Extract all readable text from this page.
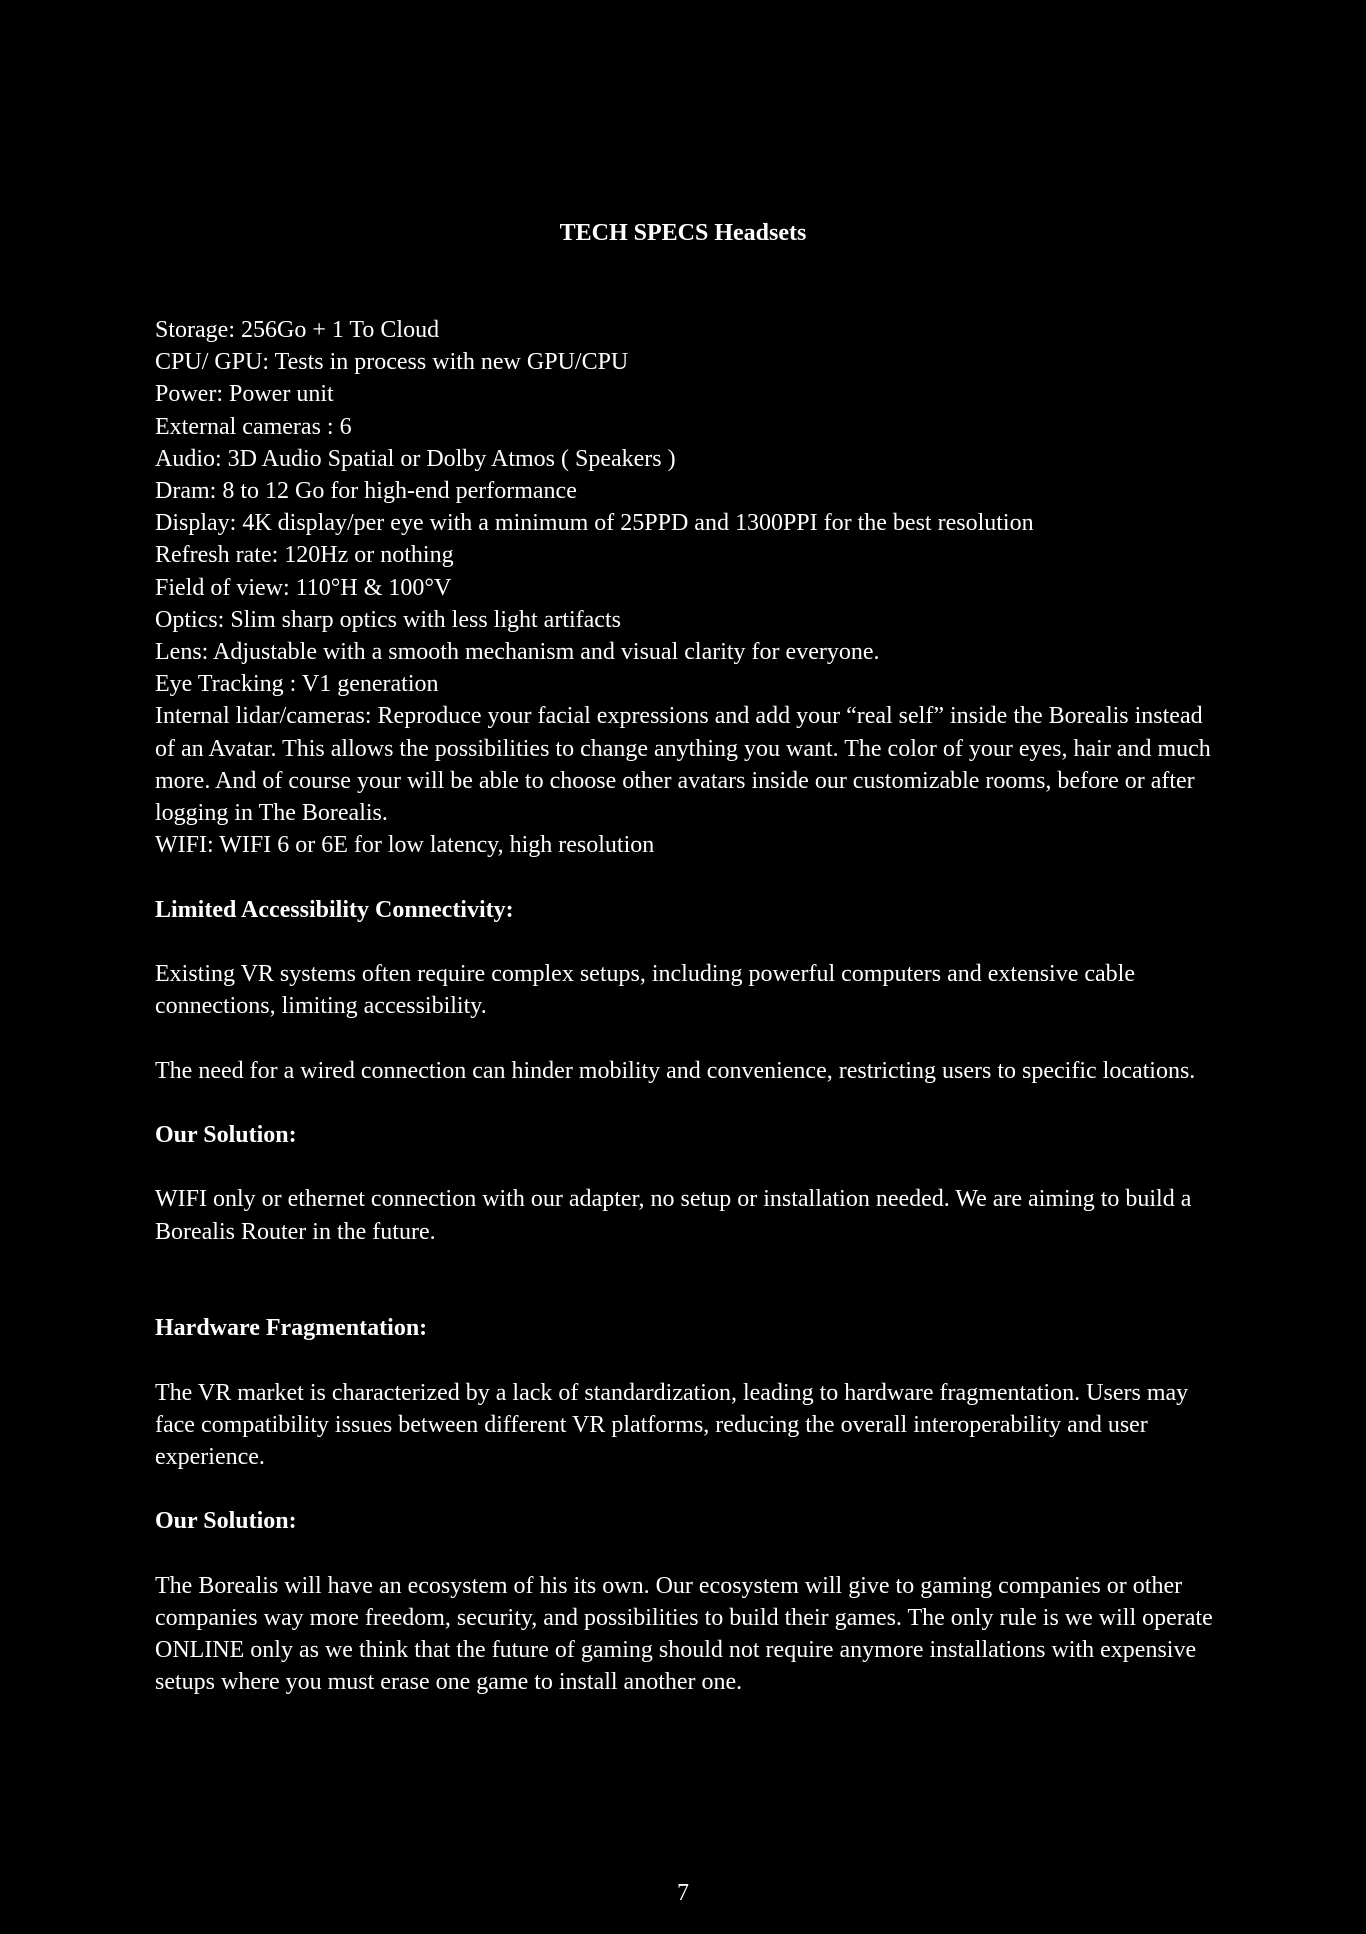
TECH SPECS Headsets

Storage: 256Go + 1 To Cloud

CPU/ GPU: Tests in process with new GPU/CPU

Power: Power unit

External cameras : 6

Audio: 3D Audio Spatial or Dolby Atmos ( Speakers )

Dram: 8 to 12 Go for high-end performance

Display: 4K display/per eye with a minimum of 25PPD and 1300PPI for the best resolution

Refresh rate: 120Hz or nothing

Field of view: 110°H & 100°V

Optics: Slim sharp optics with less light artifacts

Lens: Adjustable with a smooth mechanism and visual clarity for everyone.

Eye Tracking : V1 generation

Internal lidar/cameras: Reproduce your facial expressions and add your “real self” inside the Borealis instead of an Avatar. This allows the possibilities to change anything you want. The color of your eyes, hair and much more. And of course your will be able to choose other avatars inside our customizable rooms, before or after logging in The Borealis.

WIFI: WIFI 6 or 6E for low latency, high resolution

Limited Accessibility Connectivity:

Existing VR systems often require complex setups, including powerful computers and extensive cable connections, limiting accessibility.

The need for a wired connection can hinder mobility and convenience, restricting users to specific locations.

Our Solution:

WIFI only or ethernet connection with our adapter, no setup or installation needed. We are aiming to build a Borealis Router in the future.

Hardware Fragmentation:

The VR market is characterized by a lack of standardization, leading to hardware fragmentation. Users may face compatibility issues between different VR platforms, reducing the overall interoperability and user experience.

Our Solution:

The Borealis will have an ecosystem of his its own. Our ecosystem will give to gaming companies or other companies way more freedom, security, and possibilities to build their games. The only rule is we will operate ONLINE only as we think that the future of gaming should not require anymore installations with expensive setups where you must erase one game to install another one.

7
